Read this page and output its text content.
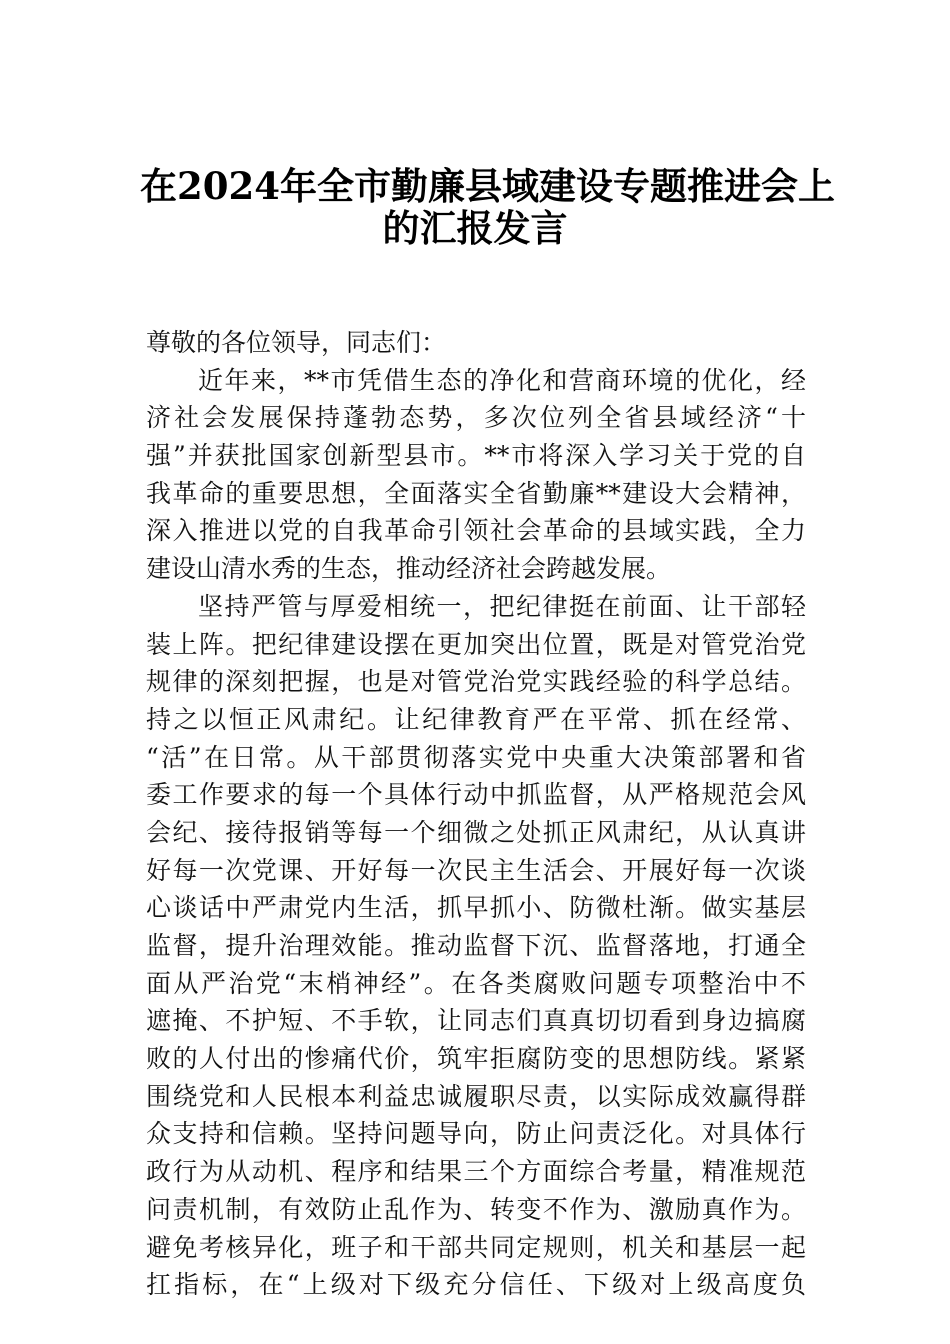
在2024年全市勤廉县域建设专题推进会上
的汇报发言
尊敬的各位领导，同志们：
近年来，**市凭借生态的净化和营商环境的优化，经
济社会发展保持蓬勃态势，多次位列全省县域经济“十
强”并获批国家创新型县市。**市将深入学习关于党的自
我革命的重要思想，全面落实全省勤廉**建设大会精神，
深入推进以党的自我革命引领社会革命的县域实践，全力
建设山清水秀的生态，推动经济社会跨越发展。
坚持严管与厚爱相统一，把纪律挺在前面、让干部轻
装上阵。把纪律建设摆在更加突出位置，既是对管党治党
规律的深刻把握，也是对管党治党实践经验的科学总结。
持之以恒正风肃纪。让纪律教育严在平常、抓在经常、
“活”在日常。从干部贯彻落实党中央重大决策部署和省
委工作要求的每一个具体行动中抓监督，从严格规范会风
会纪、接待报销等每一个细微之处抓正风肃纪，从认真讲
好每一次党课、开好每一次民主生活会、开展好每一次谈
心谈话中严肃党内生活，抓早抓小、防微杜渐。做实基层
监督，提升治理效能。推动监督下沉、监督落地，打通全
面从严治党“末梢神经”。在各类腐败问题专项整治中不
遮掩、不护短、不手软，让同志们真真切切看到身边搞腐
败的人付出的惨痛代价，筑牢拒腐防变的思想防线。紧紧
围绕党和人民根本利益忠诚履职尽责，以实际成效赢得群
众支持和信赖。坚持问题导向，防止问责泛化。对具体行
政行为从动机、程序和结果三个方面综合考量，精准规范
问责机制，有效防止乱作为、转变不作为、激励真作为。
避免考核异化，班子和干部共同定规则，机关和基层一起
扛指标，在“上级对下级充分信任、下级对上级高度负
